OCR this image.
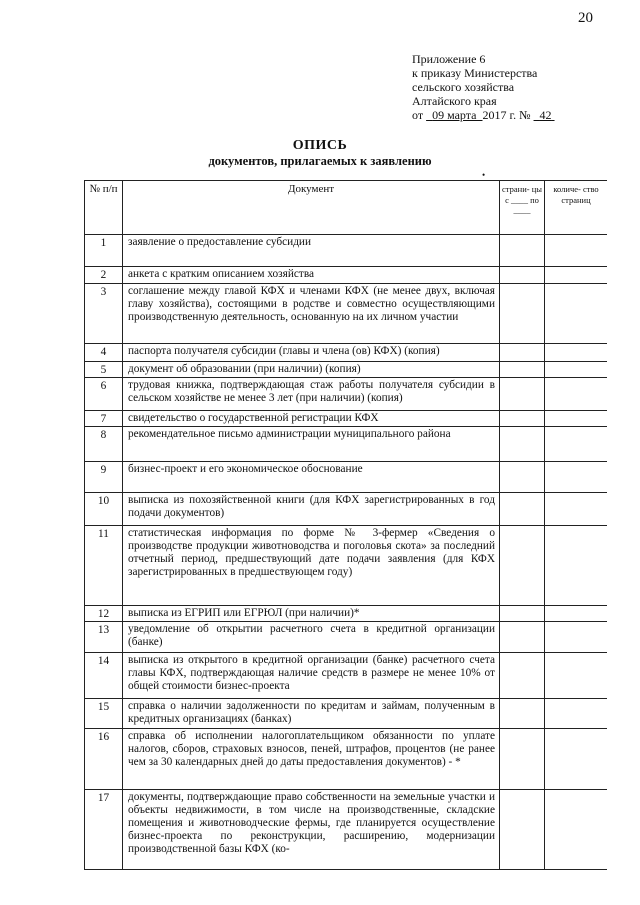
20
Приложение 6
к приказу Министерства
сельского хозяйства
Алтайского края
от 09 марта 2017 г. № 42
ОПИСЬ
документов, прилагаемых к заявлению
•
№ п/п	Документ	страни- цы с ____ по ____	количе- ство страниц
1	заявление о предоставление субсидии		
2	анкета с кратким описанием хозяйства		
3	соглашение между главой КФХ и членами КФХ (не менее двух, включая главу хозяйства), состоящими в родстве и совместно осуществляющими производственную деятельность, основанную на их личном участии		
4	паспорта получателя субсидии (главы и члена (ов) КФХ) (копия)		
5	документ об образовании (при наличии) (копия)		
6	трудовая книжка, подтверждающая стаж работы получателя субсидии в сельском хозяйстве не менее 3 лет (при наличии) (копия)		
7	свидетельство о государственной регистрации КФХ		
8	рекомендательное письмо администрации муниципального района		
9	бизнес-проект и его экономическое обоснование		
10	выписка из похозяйственной книги (для КФХ зарегистрированных в год подачи документов)		
11	статистическая информация по форме № 3-фермер «Сведения о производстве продукции животноводства и поголовья скота» за последний отчетный период, предшествующий дате подачи заявления (для КФХ зарегистрированных в предшествующем году)		
12	выписка из ЕГРИП или ЕГРЮЛ (при наличии)*		
13	уведомление об открытии расчетного счета в кредитной организации (банке)		
14	выписка из открытого в кредитной организации (банке) расчетного счета главы КФХ, подтверждающая наличие средств в размере не менее 10% от общей стоимости бизнес-проекта		
15	справка о наличии задолженности по кредитам и займам, полученным в кредитных организациях (банках)		
16	справка об исполнении налогоплательщиком обязанности по уплате налогов, сборов, страховых взносов, пеней, штрафов, процентов (не ранее чем за 30 календарных дней до даты предоставления документов) - *		
17	документы, подтверждающие право собственности на земельные участки и объекты недвижимости, в том числе на производственные, складские помещения и животноводческие фермы, где планируется осуществление бизнес-проекта по реконструкции, расширению, модернизации производственной базы КФХ (ко-		
